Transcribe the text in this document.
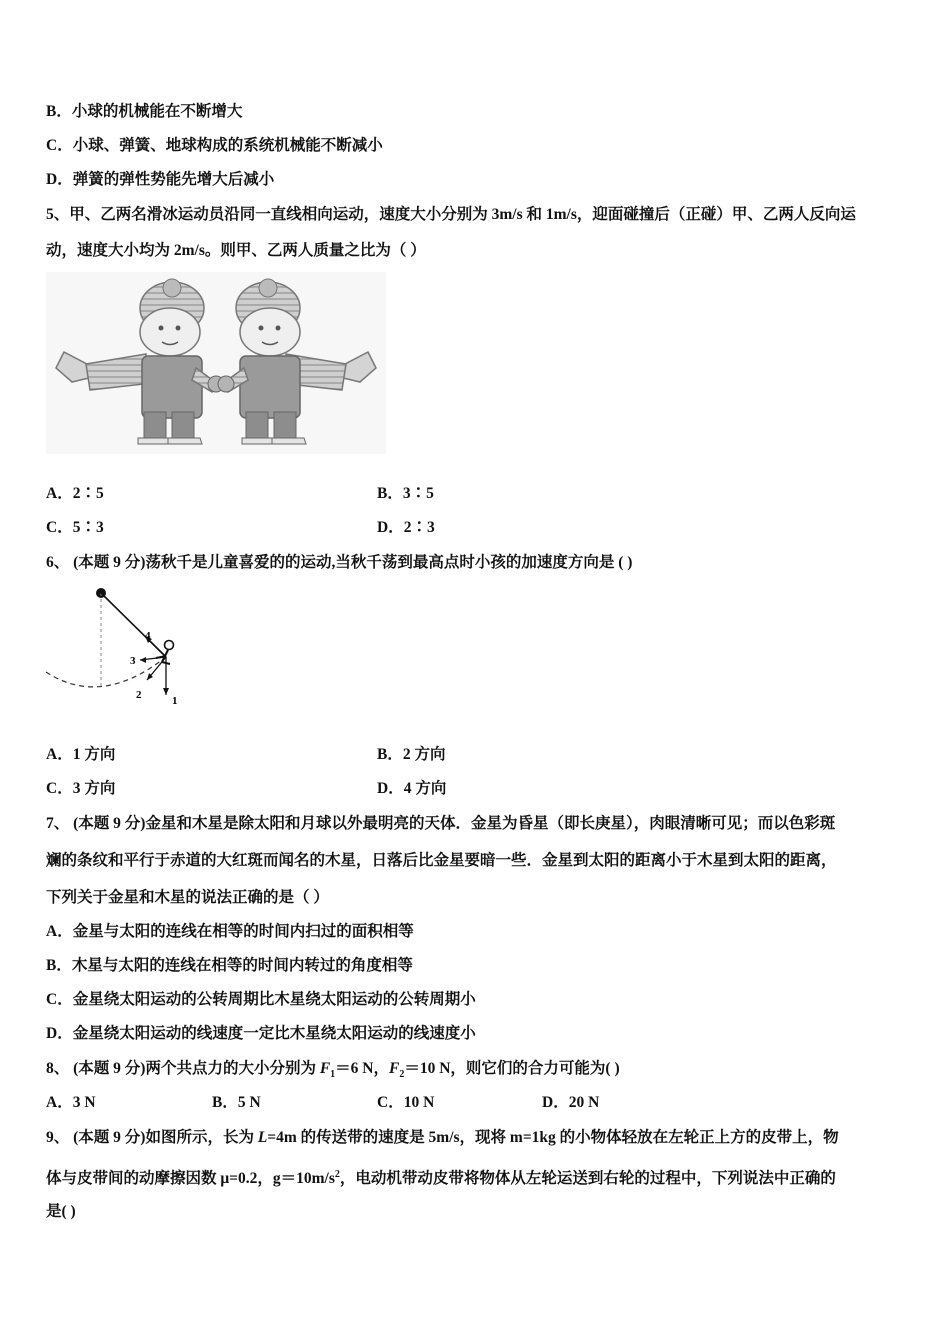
B．小球的机械能在不断增大
C．小球、弹簧、地球构成的系统机械能不断减小
D．弹簧的弹性势能先增大后减小
5、甲、乙两名滑冰运动员沿同一直线相向运动，速度大小分别为 3m/s 和 1m/s，迎面碰撞后（正碰）甲、乙两人反向运
动，速度大小均为 2m/s。则甲、乙两人质量之比为（ ）
A．2∶5	B．3∶5
C．5∶3	D．2∶3
6、 (本题 9 分)荡秋千是儿童喜爱的的运动,当秋千荡到最高点时小孩的加速度方向是 ( )
4
3
2	1
A．1 方向	B．2 方向
C．3 方向	D．4 方向
7、 (本题 9 分)金星和木星是除太阳和月球以外最明亮的天体．金星为昏星（即长庚星），肉眼清晰可见；而以色彩斑
斓的条纹和平行于赤道的大红斑而闻名的木星，日落后比金星要暗一些．金星到太阳的距离小于木星到太阳的距离，
下列关于金星和木星的说法正确的是（ ）
A．金星与太阳的连线在相等的时间内扫过的面积相等
B．木星与太阳的连线在相等的时间内转过的角度相等
C．金星绕太阳运动的公转周期比木星绕太阳运动的公转周期小
D．金星绕太阳运动的线速度一定比木星绕太阳运动的线速度小
8、 (本题 9 分)两个共点力的大小分别为 $F_1=6$ N，$F_2=10$ N，则它们的合力可能为( )
A．3 N	B．5 N	C．10 N	D．20 N
9、 (本题 9 分)如图所示，长为 L=4m 的传送带的速度是 5m/s，现将 m=1kg 的小物体轻放在左轮正上方的皮带上，物
体与皮带间的动摩擦因数 μ=0.2，$g=10m/s^2$，电动机带动皮带将物体从左轮运送到右轮的过程中，下列说法中正确的
是( )
